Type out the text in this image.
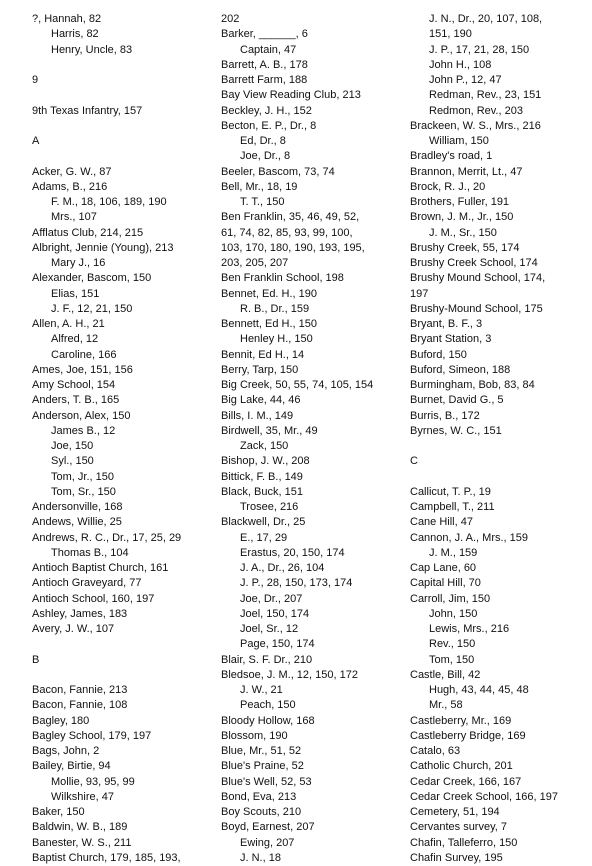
?, Hannah, 82
Harris, 82
Henry, Uncle, 83
9
9th Texas Infantry, 157
A
Acker, G. W., 87
Adams, B., 216
F. M., 18, 106, 189, 190
Mrs., 107
Afflatus Club, 214, 215
Albright, Jennie (Young), 213
Mary J., 16
Alexander, Bascom, 150
Elias, 151
J. F., 12, 21, 150
Allen, A. H., 21
Alfred, 12
Caroline, 166
Ames, Joe, 151, 156
Amy School, 154
Anders, T. B., 165
Anderson, Alex, 150
James B., 12
Joe, 150
Syl., 150
Tom, Jr., 150
Tom, Sr., 150
Andersonville, 168
Andews, Willie, 25
Andrews, R. C., Dr., 17, 25, 29
Thomas B., 104
Antioch Baptist Church, 161
Antioch Graveyard, 77
Antioch School, 160, 197
Ashley, James, 183
Avery, J. W., 107
B
Bacon, Fannie, 213
Bacon, Fannie, 108
Bagley, 180
Bagley School, 179, 197
Bags, John, 2
Bailey, Birtie, 94
Mollie, 93, 95, 99
Wilkshire, 47
Baker, 150
Baldwin, W. B., 189
Banester, W. S., 211
Baptist Church, 179, 185, 193,
202
Barker, ______, 6
Captain, 47
Barrett, A. B., 178
Barrett Farm, 188
Bay View Reading Club, 213
Beckley, J. H., 152
Becton, E. P., Dr., 8
Ed, Dr., 8
Joe, Dr., 8
Beeler, Bascom, 73, 74
Bell, Mr., 18, 19
T. T., 150
Ben Franklin, 35, 46, 49, 52,
61, 74, 82, 85, 93, 99, 100,
103, 170, 180, 190, 193, 195,
203, 205, 207
Ben Franklin School, 198
Bennet, Ed. H., 190
R. B., Dr., 159
Bennett, Ed H., 150
Henley H., 150
Bennit, Ed H., 14
Berry, Tarp, 150
Big Creek, 50, 55, 74, 105, 154
Big Lake, 44, 46
Bills, I. M., 149
Birdwell, 35, Mr., 49
Zack, 150
Bishop, J. W., 208
Bittick, F. B., 149
Black, Buck, 151
Trosee, 216
Blackwell, Dr., 25
E., 17, 29
Erastus, 20, 150, 174
J. A., Dr., 26, 104
J. P., 28, 150, 173, 174
Joe, Dr., 207
Joel, 150, 174
Joel, Sr., 12
Page, 150, 174
Blair, S. F. Dr., 210
Bledsoe, J. M., 12, 150, 172
J. W., 21
Peach, 150
Bloody Hollow, 168
Blossom, 190
Blue, Mr., 51, 52
Blue's Praine, 52
Blue's Well, 52, 53
Bond, Eva, 213
Boy Scouts, 210
Boyd, Earnest, 207
Ewing, 207
J. N., 18
J. N., Dr., 20, 107, 108,
151, 190
J. P., 17, 21, 28, 150
John H., 108
John P., 12, 47
Redman, Rev., 23, 151
Redmon, Rev., 203
Brackeen, W. S., Mrs., 216
William, 150
Bradley's road, 1
Brannon, Merrit, Lt., 47
Brock, R. J., 20
Brothers, Fuller, 191
Brown, J. M., Jr., 150
J. M., Sr., 150
Brushy Creek, 55, 174
Brushy Creek School, 174
Brushy Mound School, 174,
197
Brushy-Mound School, 175
Bryant, B. F., 3
Bryant Station, 3
Buford, 150
Buford, Simeon, 188
Burmingham, Bob, 83, 84
Burnet, David G., 5
Burris, B., 172
Byrnes, W. C., 151
C
Callicut, T. P., 19
Campbell, T., 211
Cane Hill, 47
Cannon, J. A., Mrs., 159
J. M., 159
Cap Lane, 60
Capital Hill, 70
Carroll, Jim, 150
John, 150
Lewis, Mrs., 216
Rev., 150
Tom, 150
Castle, Bill, 42
Hugh, 43, 44, 45, 48
Mr., 58
Castleberry, Mr., 169
Castleberry Bridge, 169
Catalo, 63
Catholic Church, 201
Cedar Creek, 166, 167
Cedar Creek School, 166, 197
Cemetery, 51, 194
Cervantes survey, 7
Chafin, Talleferro, 150
Chafin Survey, 195
